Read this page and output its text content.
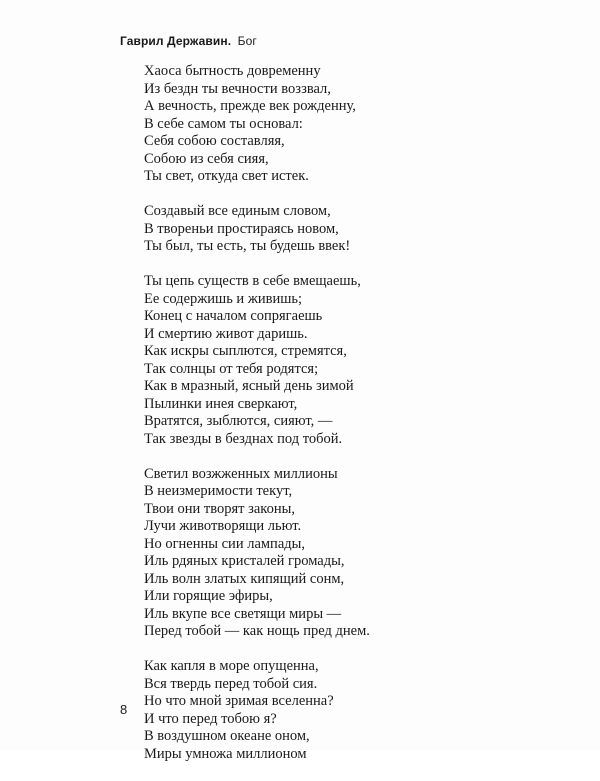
Гаврил Державин. Бог
Хаоса бытность довременну
Из бездн ты вечности воззвал,
А вечность, прежде век рожденну,
В себе самом ты основал:
Себя собою составляя,
Собою из себя сияя,
Ты свет, откуда свет истек.
Создавый все единым словом,
В твореньи простираясь новом,
Ты был, ты есть, ты будешь ввек!
Ты цепь существ в себе вмещаешь,
Ее содержишь и живишь;
Конец с началом сопрягаешь
И смертию живот даришь.
Как искры сыплются, стремятся,
Так солнцы от тебя родятся;
Как в мразный, ясный день зимой
Пылинки инея сверкают,
Вратятся, зыблются, сияют, —
Так звезды в безднах под тобой.
Светил возжженных миллионы
В неизмеримости текут,
Твои они творят законы,
Лучи животворящи льют.
Но огненны сии лампады,
Иль рдяных кристалей громады,
Иль волн златых кипящий сонм,
Или горящие эфиры,
Иль вкупе все светящи миры —
Перед тобой — как нощь пред днем.
Как капля в море опущенна,
Вся твердь перед тобой сия.
Но что мной зримая вселенна?
И что перед тобою я?
В воздушном океане оном,
Миры умножа миллионом
8
